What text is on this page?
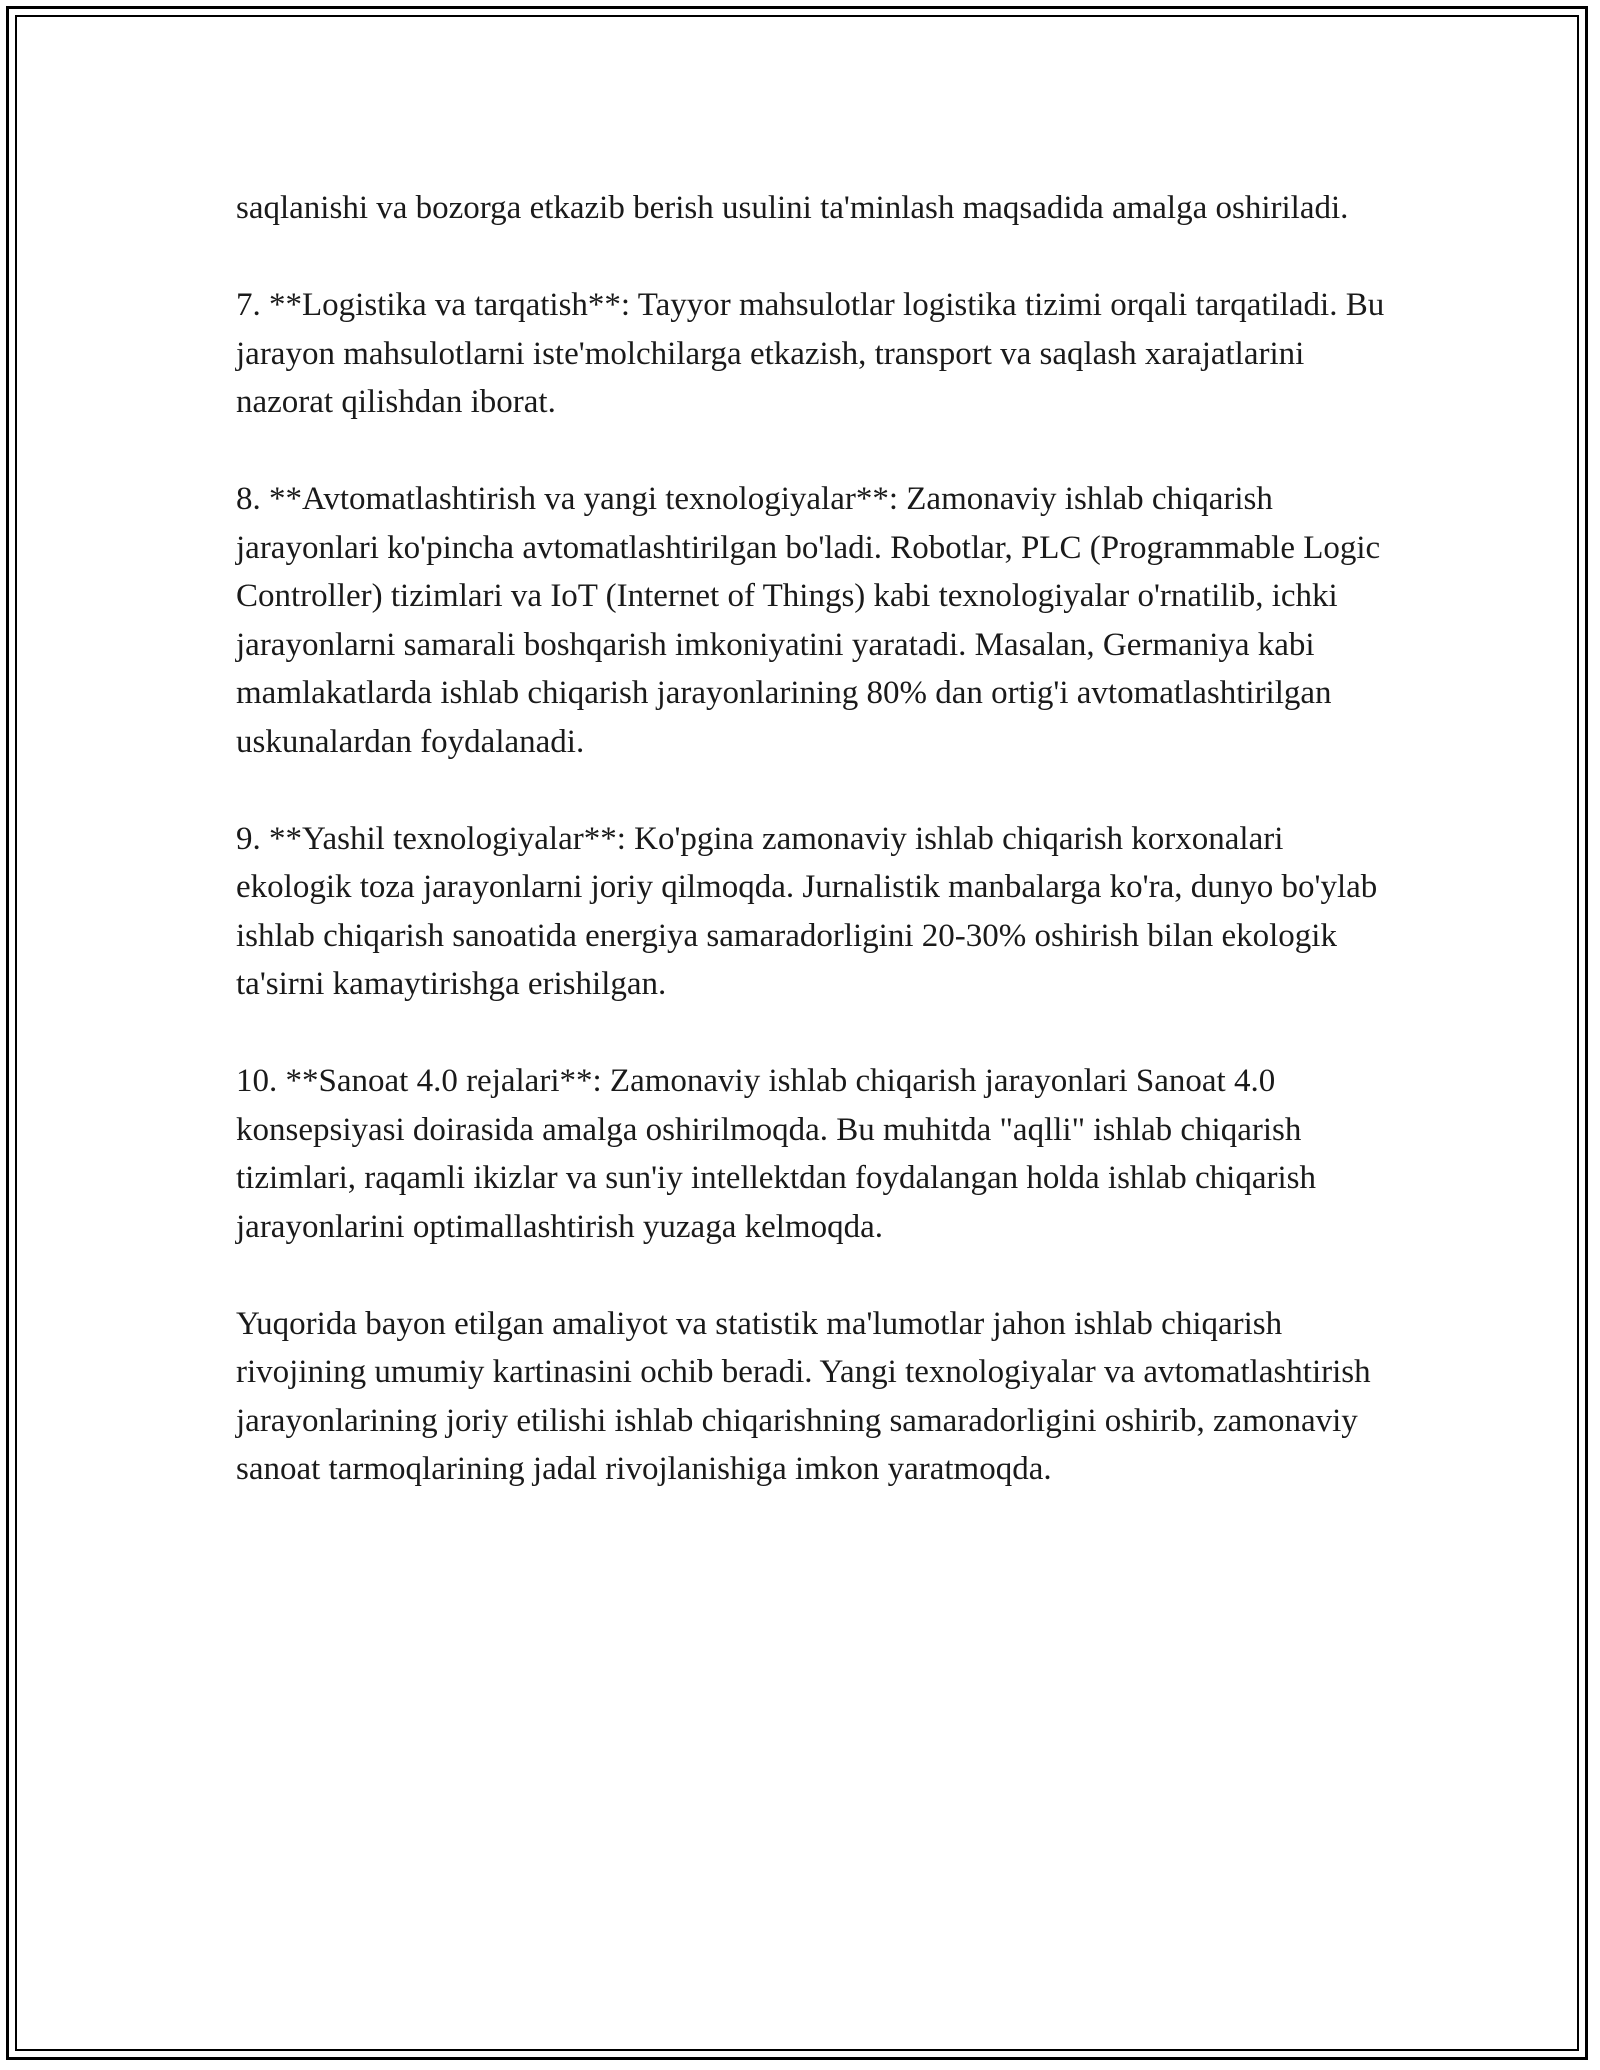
saqlanishi va bozorga etkazib berish usulini ta'minlash maqsadida amalga oshiriladi.

7. **Logistika va tarqatish**: Tayyor mahsulotlar logistika tizimi orqali tarqatiladi. Bu jarayon mahsulotlarni iste'molchilarga etkazish, transport va saqlash xarajatlarini nazorat qilishdan iborat.

8. **Avtomatlashtirish va yangi texnologiyalar**: Zamonaviy ishlab chiqarish jarayonlari ko'pincha avtomatlashtirilgan bo'ladi. Robotlar, PLC (Programmable Logic Controller) tizimlari va IoT (Internet of Things) kabi texnologiyalar o'rnatilib, ichki jarayonlarni samarali boshqarish imkoniyatini yaratadi. Masalan, Germaniya kabi mamlakatlarda ishlab chiqarish jarayonlarining 80% dan ortig'i avtomatlashtirilgan uskunalardan foydalanadi.

9. **Yashil texnologiyalar**: Ko'pgina zamonaviy ishlab chiqarish korxonalari ekologik toza jarayonlarni joriy qilmoqda. Jurnalistik manbalarga ko'ra, dunyo bo'ylab ishlab chiqarish sanoatida energiya samaradorligini 20-30% oshirish bilan ekologik ta'sirni kamaytirishga erishilgan.

10. **Sanoat 4.0 rejalari**: Zamonaviy ishlab chiqarish jarayonlari Sanoat 4.0 konsepsiyasi doirasida amalga oshirilmoqda. Bu muhitda "aqlli" ishlab chiqarish tizimlari, raqamli ikizlar va sun'iy intellektdan foydalangan holda ishlab chiqarish jarayonlarini optimallashtirish yuzaga kelmoqda.

Yuqorida bayon etilgan amaliyot va statistik ma'lumotlar jahon ishlab chiqarish rivojining umumiy kartinasini ochib beradi. Yangi texnologiyalar va avtomatlashtirish jarayonlarining joriy etilishi ishlab chiqarishning samaradorligini oshirib, zamonaviy sanoat tarmoqlarining jadal rivojlanishiga imkon yaratmoqda.
